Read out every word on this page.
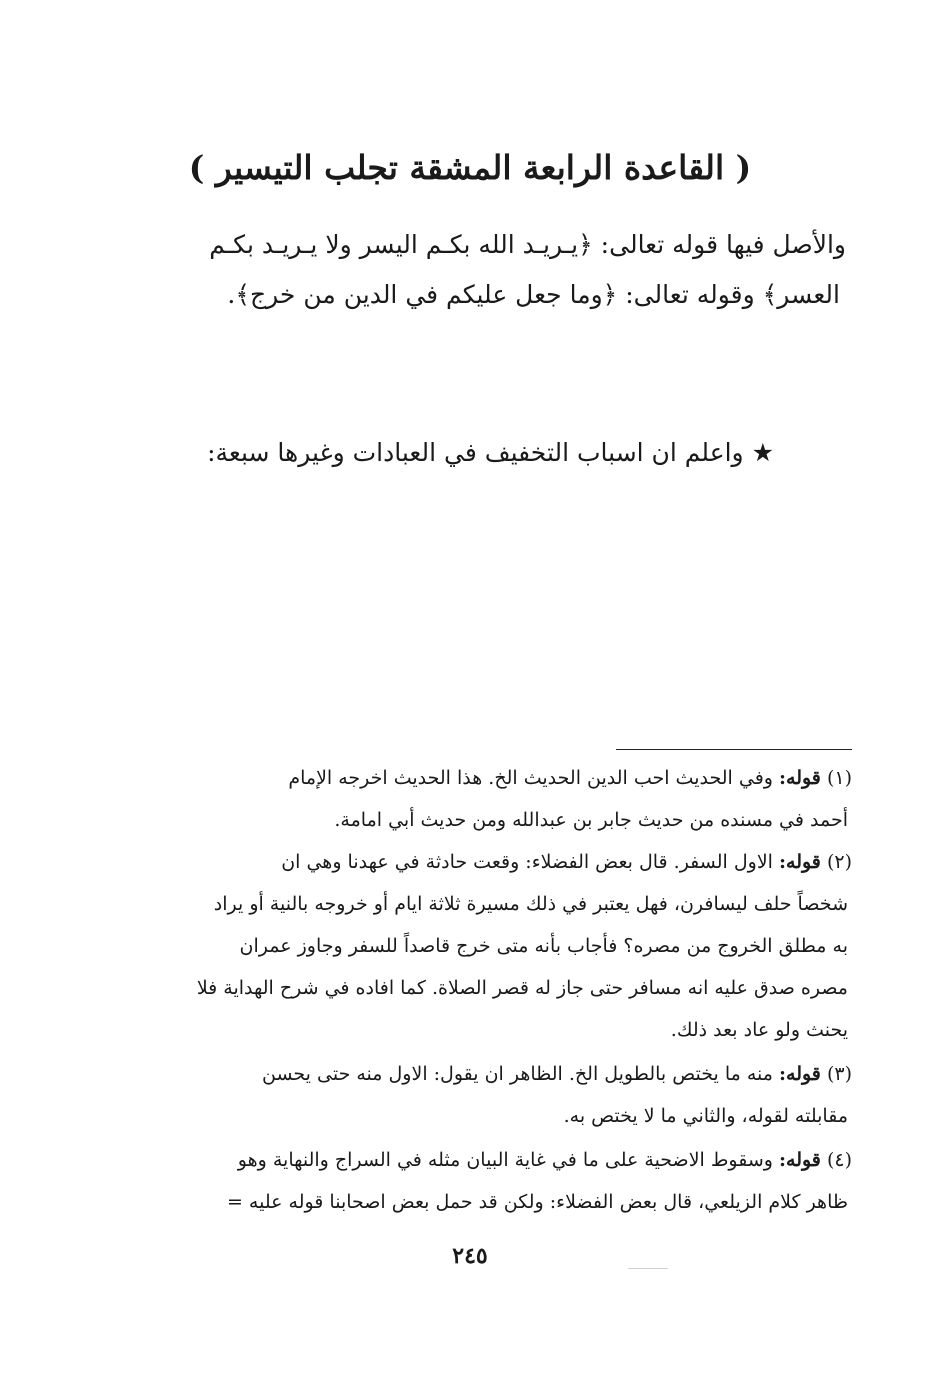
( القاعدة الرابعة المشقة تجلب التيسير )
والأصل فيها قوله تعالى: ﴿يـريـد الله بكـم اليسر ولا يـريـد بكـم
العسر﴾ وقوله تعالى: ﴿وما جعل عليكم في الدين من خرج﴾.
★ واعلم ان اسباب التخفيف في العبادات وغيرها سبعة:
(١) قوله: وفي الحديث احب الدين الحديث الخ. هذا الحديث اخرجه الإمام
أحمد في مسنده من حديث جابر بن عبدالله ومن حديث أبي امامة.
(٢) قوله: الاول السفر. قال بعض الفضلاء: وقعت حادثة في عهدنا وهي ان
شخصاً حلف ليسافرن، فهل يعتبر في ذلك مسيرة ثلاثة ايام أو خروجه بالنية أو يراد
به مطلق الخروج من مصره؟ فأجاب بأنه متى خرج قاصداً للسفر وجاوز عمران
مصره صدق عليه انه مسافر حتى جاز له قصر الصلاة. كما افاده في شرح الهداية فلا
يحنث ولو عاد بعد ذلك.
(٣) قوله: منه ما يختص بالطويل الخ. الظاهر ان يقول: الاول منه حتى يحسن
مقابلته لقوله، والثاني ما لا يختص به.
(٤) قوله: وسقوط الاضحية على ما في غاية البيان مثله في السراج والنهاية وهو
ظاهر كلام الزيلعي، قال بعض الفضلاء: ولكن قد حمل بعض اصحابنا قوله عليه =
٢٤٥
